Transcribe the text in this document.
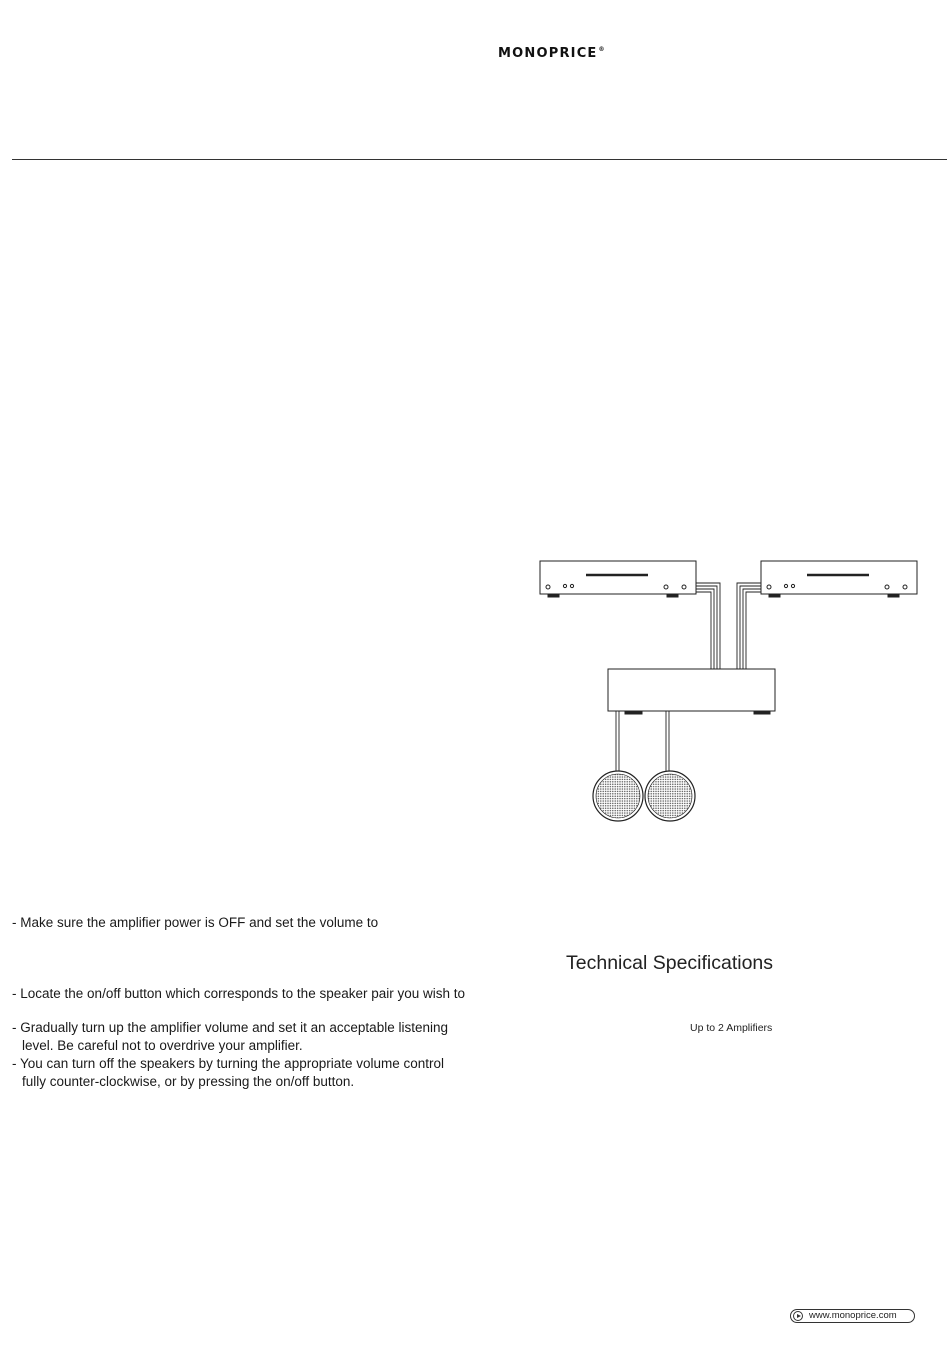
MONOPRICE®
- Make sure the amplifier power is OFF and set the volume to
- Locate the on/off button which corresponds to the speaker pair you wish to
- Gradually turn up the amplifier volume and set it an acceptable listening
level. Be careful not to overdrive your amplifier.
- You can turn off the speakers by turning the appropriate volume control
fully counter-clockwise, or by pressing the on/off button.
Technical Specifications
Up to 2 Amplifiers
www.monoprice.com
